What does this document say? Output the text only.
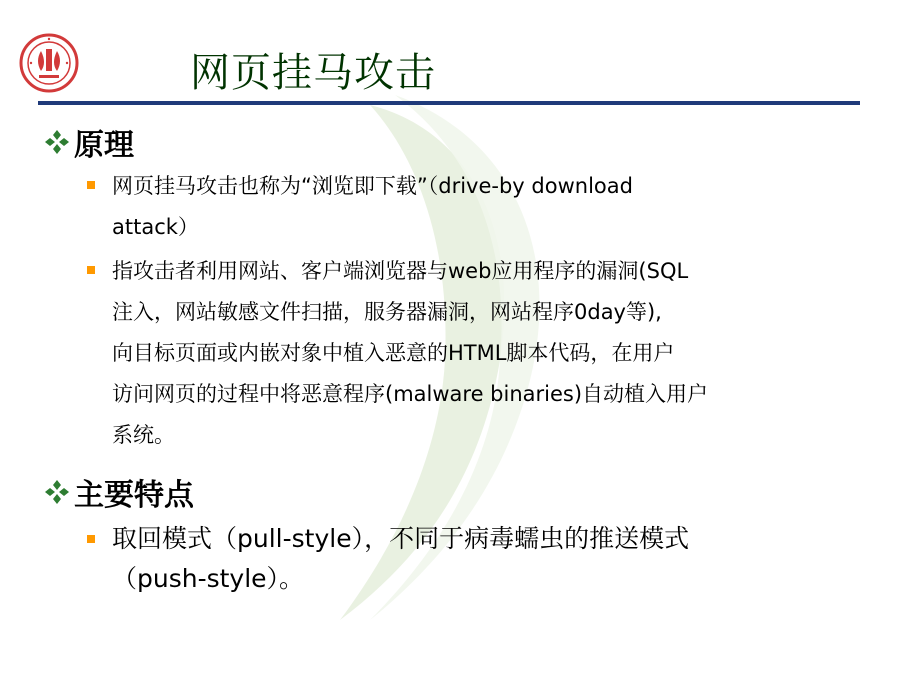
网页挂马攻击
原理
网页挂马攻击也称为“浏览即下载”（drive-by download
attack）
指攻击者利用网站、客户端浏览器与web应用程序的漏洞(SQL
注入，网站敏感文件扫描，服务器漏洞，网站程序0day等),
向目标页面或内嵌对象中植入恶意的HTML脚本代码，在用户
访问网页的过程中将恶意程序(malware binaries)自动植入用户
系统。
主要特点
取回模式（pull-style），不同于病毒蠕虫的推送模式
（push-style）。
